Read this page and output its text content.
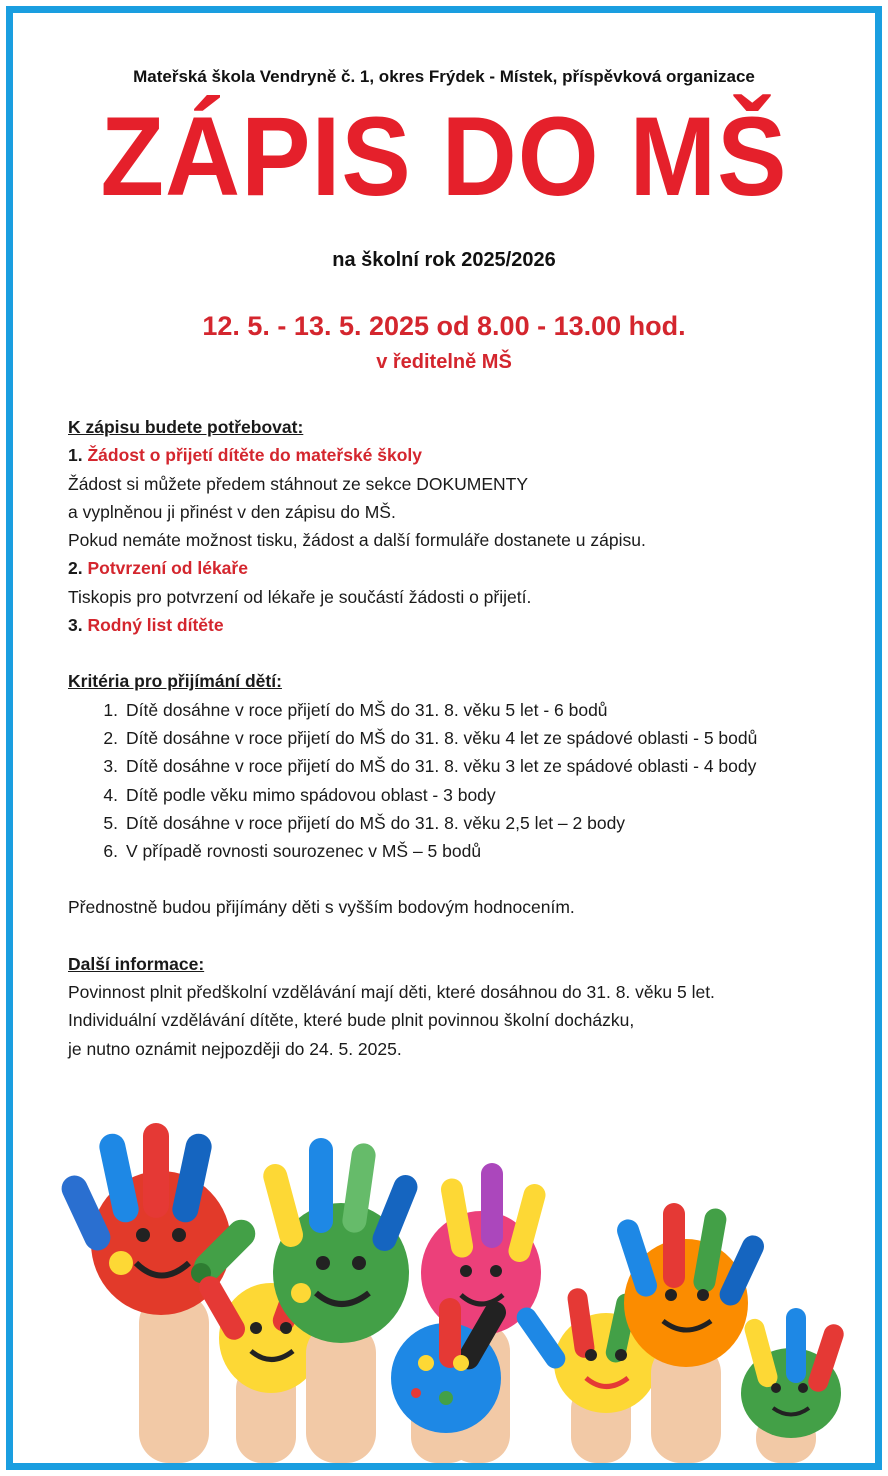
Mateřská škola Vendryně č. 1, okres Frýdek - Místek, příspěvková organizace
ZÁPIS DO MŠ
na školní rok 2025/2026
12. 5. - 13. 5. 2025 od 8.00 - 13.00 hod.
v ředitelně MŠ

K zápisu budete potřebovat:

1. Žádost o přijetí dítěte do mateřské školy

Žádost si můžete předem stáhnout ze sekce DOKUMENTY

a vyplněnou ji přinést v den zápisu do MŠ.

Pokud nemáte možnost tisku, žádost a další formuláře dostanete u zápisu.

2. Potvrzení od lékaře

Tiskopis pro potvrzení od lékaře je součástí žádosti o přijetí.

3. Rodný list dítěte

Kritéria pro přijímání dětí:

1. Dítě dosáhne v roce přijetí do MŠ do 31. 8. věku 5 let - 6 bodů
2. Dítě dosáhne v roce přijetí do MŠ do 31. 8. věku 4 let ze spádové oblasti - 5 bodů
3. Dítě dosáhne v roce přijetí do MŠ do 31. 8. věku 3 let ze spádové oblasti - 4 body
4. Dítě podle věku mimo spádovou oblast - 3 body
5. Dítě dosáhne v roce přijetí do MŠ do 31. 8. věku 2,5 let – 2 body
6. V případě rovnosti sourozenec v MŠ – 5 bodů

Přednostně budou přijímány děti s vyšším bodovým hodnocením.

Další informace:

Povinnost plnit předškolní vzdělávání mají děti, které dosáhnou do 31. 8. věku 5 let.

Individuální vzdělávání dítěte, které bude plnit povinnou školní docházku,

je nutno oznámit nejpozději do 24. 5. 2025.
